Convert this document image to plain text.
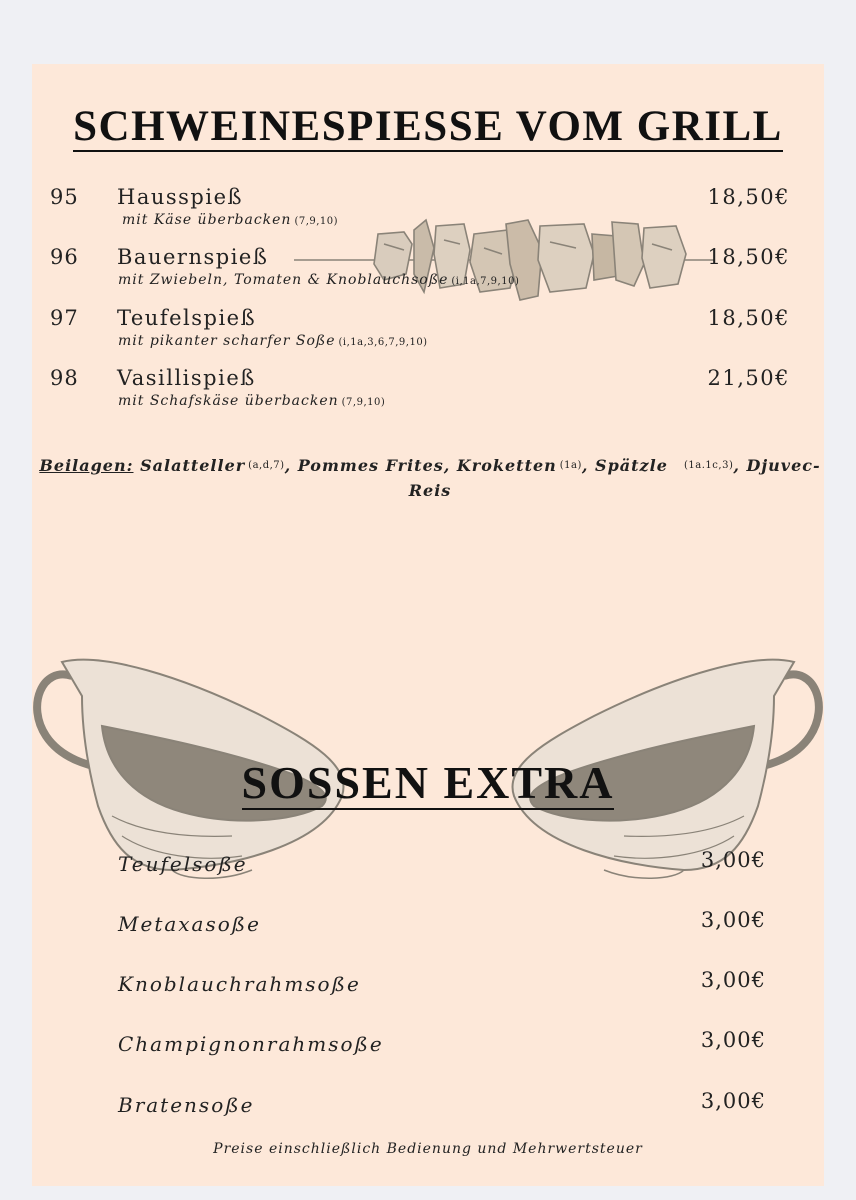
SCHWEINESPIESSE VOM GRILL
95 Hausspieß
mit Käse überbacken (7,9,10)
18,50€
96 Bauernspieß
mit Zwiebeln, Tomaten & Knoblauchsoße (i,1a,7,9,10)
18,50€
97 Teufelspieß
mit pikanter scharfer Soße (i,1a,3,6,7,9,10)
18,50€
98 Vasillispieß
mit Schafskäse überbacken (7,9,10)
21,50€
Beilagen: Salatteller (a,d,7), Pommes Frites, Kroketten (1a), Spätzle (1a.1c,3), Djuvec-
Reis
SOSSEN EXTRA
Teufelsoße	3,00€
Metaxasoße	3,00€
Knoblauchrahmsoße	3,00€
Champignonrahmsoße	3,00€
Bratensoße	3,00€
Preise einschließlich Bedienung und Mehrwertsteuer
